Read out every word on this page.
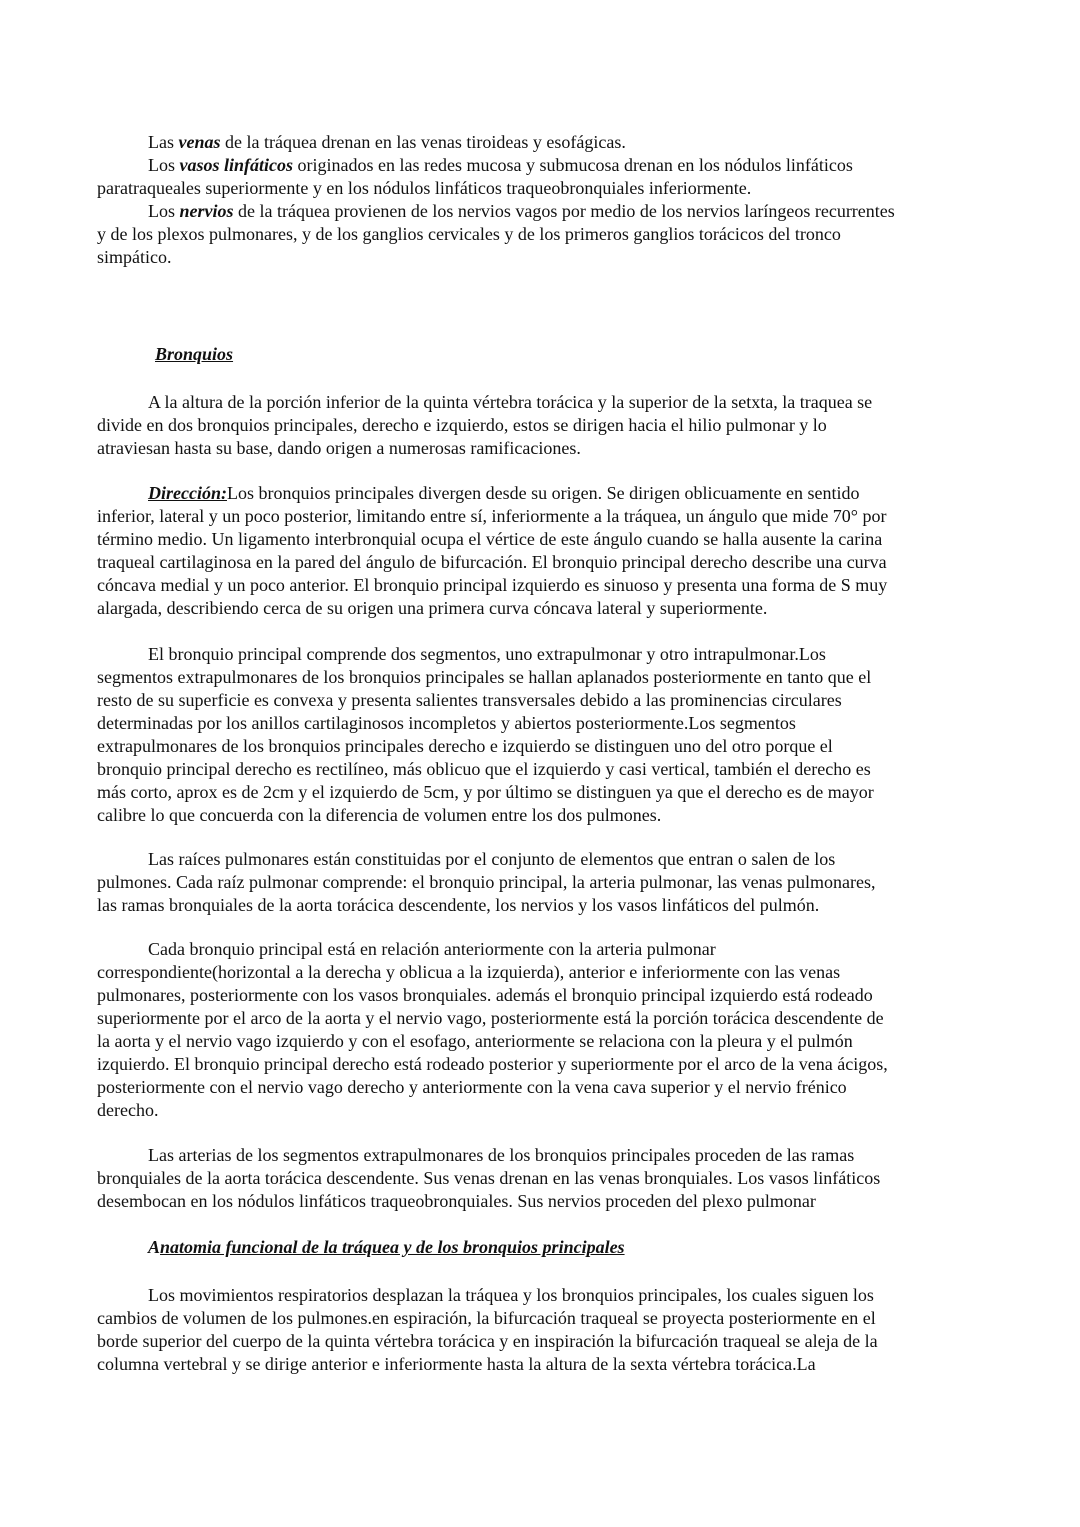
Las venas de la tráquea drenan en las venas tiroideas y esofágicas.
Los vasos linfáticos originados en las redes mucosa y submucosa drenan en los nódulos linfáticos
paratraqueales superiormente y en los nódulos linfáticos traqueobronquiales inferiormente.
Los nervios de la tráquea provienen de los nervios vagos por medio de los nervios laríngeos recurrentes
y de los plexos pulmonares, y de los ganglios cervicales y de los primeros ganglios torácicos del tronco
simpático.
Bronquios
A la altura de la porción inferior de la quinta vértebra torácica y la superior de la setxta, la traquea se
divide en dos bronquios principales, derecho e izquierdo, estos se dirigen hacia el hilio pulmonar y lo
atraviesan hasta su base, dando origen a numerosas ramificaciones.
Dirección:Los bronquios principales divergen desde su origen. Se dirigen oblicuamente en sentido
inferior, lateral y un poco posterior, limitando entre sí, inferiormente a la tráquea, un ángulo que mide 70° por
término medio. Un ligamento interbronquial ocupa el vértice de este ángulo cuando se halla ausente la carina
traqueal cartilaginosa en la pared del ángulo de bifurcación. El bronquio principal derecho describe una curva
cóncava medial y un poco anterior. El bronquio principal izquierdo es sinuoso y presenta una forma de S muy
alargada, describiendo cerca de su origen una primera curva cóncava lateral y superiormente.
El bronquio principal comprende dos segmentos, uno extrapulmonar y otro intrapulmonar.Los
segmentos extrapulmonares de los bronquios principales se hallan aplanados posteriormente en tanto que el
resto de su superficie es convexa y presenta salientes transversales debido a las prominencias circulares
determinadas por los anillos cartilaginosos incompletos y abiertos posteriormente.Los segmentos
extrapulmonares de los bronquios principales derecho e izquierdo se distinguen uno del otro porque el
bronquio principal derecho es rectilíneo, más oblicuo que el izquierdo y casi vertical, también el derecho es
más corto, aprox es de 2cm y el izquierdo de 5cm, y por último se distinguen ya que el derecho es de mayor
calibre lo que concuerda con la diferencia de volumen entre los dos pulmones.
Las raíces pulmonares están constituidas por el conjunto de elementos que entran o salen de los
pulmones. Cada raíz pulmonar comprende: el bronquio principal, la arteria pulmonar, las venas pulmonares,
las ramas bronquiales de la aorta torácica descendente, los nervios y los vasos linfáticos del pulmón.
Cada bronquio principal está en relación anteriormente con la arteria pulmonar
correspondiente(horizontal a la derecha y oblicua a la izquierda), anterior e inferiormente con las venas
pulmonares, posteriormente con los vasos bronquiales. además el bronquio principal izquierdo está rodeado
superiormente por el arco de la aorta y el nervio vago, posteriormente está la porción torácica descendente de
la aorta y el nervio vago izquierdo y con el esofago, anteriormente se relaciona con la pleura y el pulmón
izquierdo. El bronquio principal derecho está rodeado posterior y superiormente por el arco de la vena ácigos,
posteriormente con el nervio vago derecho y anteriormente con la vena cava superior y el nervio frénico
derecho.
Las arterias de los segmentos extrapulmonares de los bronquios principales proceden de las ramas
bronquiales de la aorta torácica descendente. Sus venas drenan en las venas bronquiales. Los vasos linfáticos
desembocan en los nódulos linfáticos traqueobronquiales. Sus nervios proceden del plexo pulmonar
Anatomia funcional de la tráquea y de los bronquios principales
Los movimientos respiratorios desplazan la tráquea y los bronquios principales, los cuales siguen los
cambios de volumen de los pulmones.en espiración, la bifurcación traqueal se proyecta posteriormente en el
borde superior del cuerpo de la quinta vértebra torácica y en inspiración la bifurcación traqueal se aleja de la
columna vertebral y se dirige anterior e inferiormente hasta la altura de la sexta vértebra torácica.La
